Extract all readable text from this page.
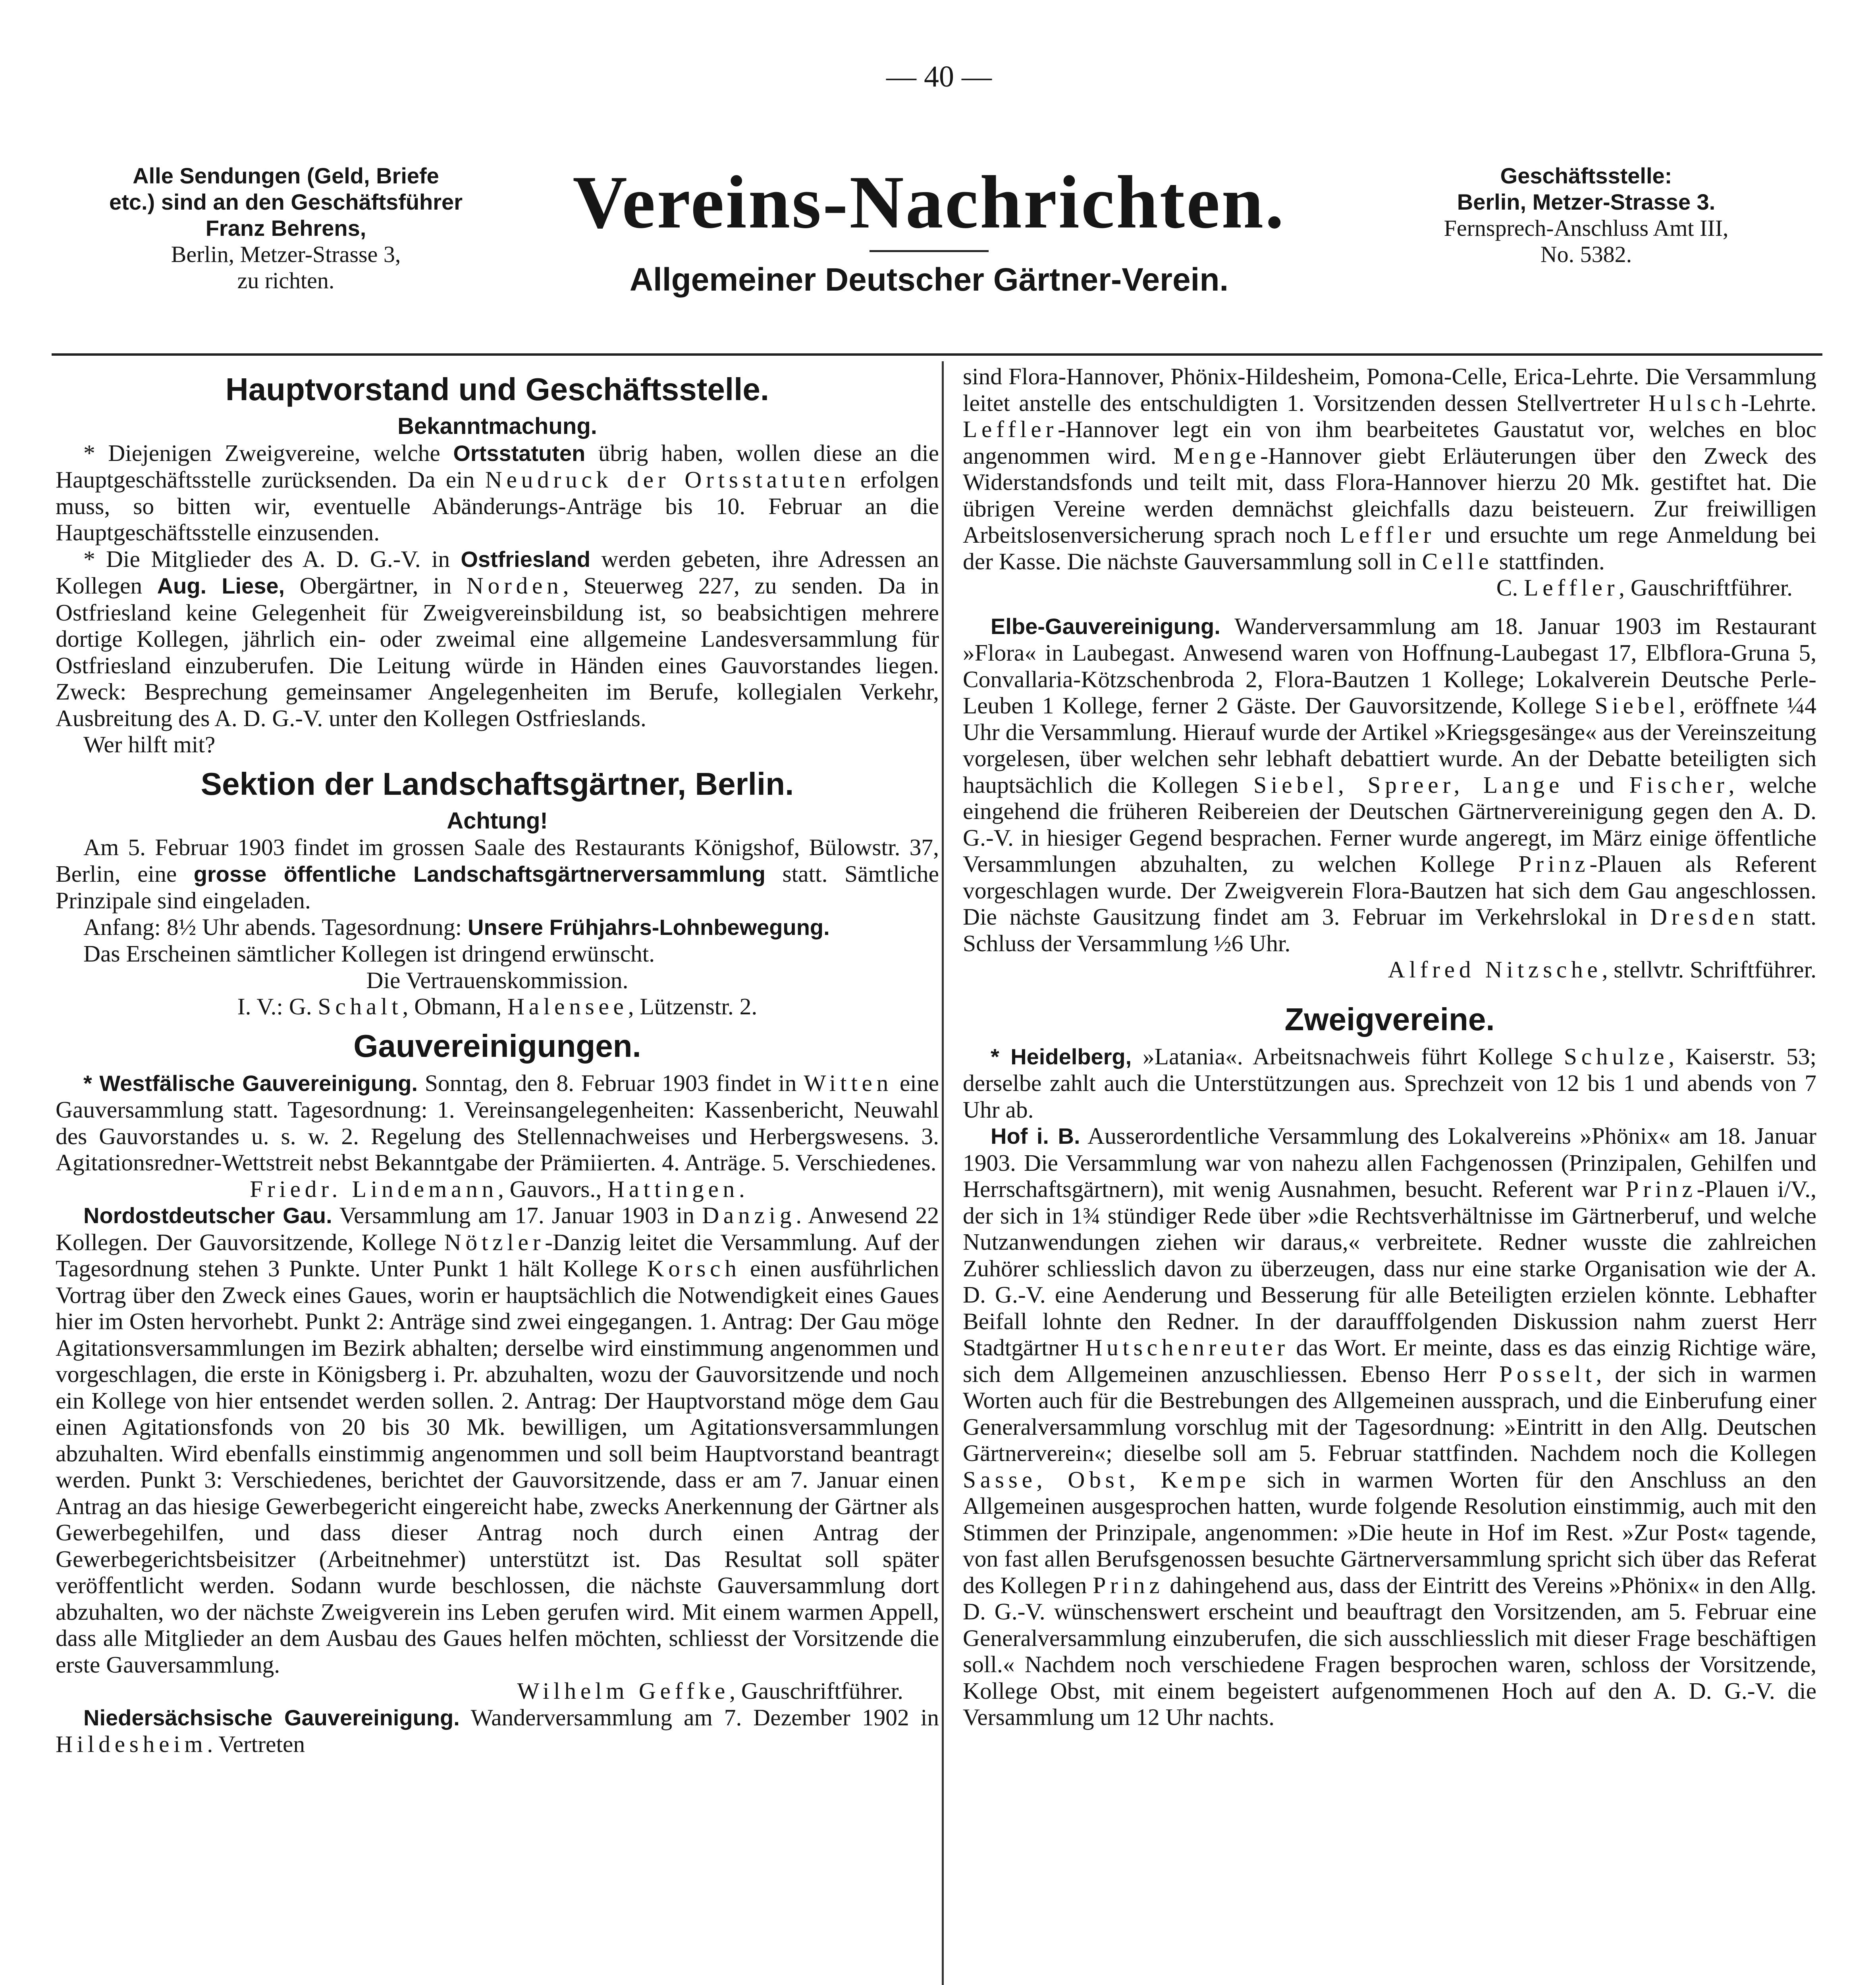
— 40 —
Alle Sendungen (Geld, Briefe
etc.) sind an den Geschäftsführer
Franz Behrens,
Berlin, Metzer-Strasse 3,
zu richten.
Vereins-Nachrichten.
Allgemeiner Deutscher Gärtner-Verein.
Geschäftsstelle:
Berlin, Metzer-Strasse 3.
Fernsprech-Anschluss Amt III,
No. 5382.
Hauptvorstand und Geschäftsstelle.
Bekanntmachung.

* Diejenigen Zweigvereine, welche Ortsstatuten übrig haben, wollen diese an die Hauptgeschäftsstelle zurücksenden. Da ein Neudruck der Ortsstatuten erfolgen muss, so bitten wir, eventuelle Abänderungs-Anträge bis 10. Februar an die Hauptgeschäftsstelle einzusenden.

* Die Mitglieder des A. D. G.-V. in Ostfriesland werden gebeten, ihre Adressen an Kollegen Aug. Liese, Obergärtner, in Norden, Steuerweg 227, zu senden. Da in Ostfriesland keine Gelegenheit für Zweigvereinsbildung ist, so beabsichtigen mehrere dortige Kollegen, jährlich ein- oder zweimal eine allgemeine Landesversammlung für Ostfriesland einzuberufen. Die Leitung würde in Händen eines Gauvorstandes liegen. Zweck: Besprechung gemeinsamer Angelegenheiten im Berufe, kollegialen Verkehr, Ausbreitung des A. D. G.-V. unter den Kollegen Ostfrieslands.

Wer hilft mit?

Sektion der Landschaftsgärtner, Berlin.
Achtung!

Am 5. Februar 1903 findet im grossen Saale des Restaurants Königshof, Bülowstr. 37, Berlin, eine grosse öffentliche Landschaftsgärtnerversammlung statt. Sämtliche Prinzipale sind eingeladen.

Anfang: 8½ Uhr abends. Tagesordnung: Unsere Frühjahrs-Lohnbewegung.

Das Erscheinen sämtlicher Kollegen ist dringend erwünscht.

Die Vertrauenskommission.

I. V.: G. Schalt, Obmann, Halensee, Lützenstr. 2.

Gauvereinigungen.

* Westfälische Gauvereinigung. Sonntag, den 8. Februar 1903 findet in Witten eine Gauversammlung statt. Tagesordnung: 1. Vereinsangelegenheiten: Kassenbericht, Neuwahl des Gauvorstandes u. s. w. 2. Regelung des Stellennachweises und Herbergswesens. 3. Agitationsredner-Wettstreit nebst Bekanntgabe der Prämiierten. 4. Anträge. 5. Verschiedenes.

Friedr. Lindemann, Gauvors., Hattingen.

Nordostdeutscher Gau. Versammlung am 17. Januar 1903 in Danzig. Anwesend 22 Kollegen. Der Gauvorsitzende, Kollege Nötzler-Danzig leitet die Versammlung. Auf der Tagesordnung stehen 3 Punkte. Unter Punkt 1 hält Kollege Korsch einen ausführlichen Vortrag über den Zweck eines Gaues, worin er hauptsächlich die Notwendigkeit eines Gaues hier im Osten hervorhebt. Punkt 2: Anträge sind zwei eingegangen. 1. Antrag: Der Gau möge Agitationsversammlungen im Bezirk abhalten; derselbe wird einstimmung angenommen und vorgeschlagen, die erste in Königsberg i. Pr. abzuhalten, wozu der Gauvorsitzende und noch ein Kollege von hier entsendet werden sollen. 2. Antrag: Der Hauptvorstand möge dem Gau einen Agitationsfonds von 20 bis 30 Mk. bewilligen, um Agitationsversammlungen abzuhalten. Wird ebenfalls einstimmig angenommen und soll beim Hauptvorstand beantragt werden. Punkt 3: Verschiedenes, berichtet der Gauvorsitzende, dass er am 7. Januar einen Antrag an das hiesige Gewerbegericht eingereicht habe, zwecks Anerkennung der Gärtner als Gewerbegehilfen, und dass dieser Antrag noch durch einen Antrag der Gewerbegerichtsbeisitzer (Arbeitnehmer) unterstützt ist. Das Resultat soll später veröffentlicht werden. Sodann wurde beschlossen, die nächste Gauversammlung dort abzuhalten, wo der nächste Zweigverein ins Leben gerufen wird. Mit einem warmen Appell, dass alle Mitglieder an dem Ausbau des Gaues helfen möchten, schliesst der Vorsitzende die erste Gauversammlung.

Wilhelm Geffke, Gauschriftführer.

Niedersächsische Gauvereinigung. Wanderversammlung am 7. Dezember 1902 in Hildesheim. Vertreten

sind Flora-Hannover, Phönix-Hildesheim, Pomona-Celle, Erica-Lehrte. Die Versammlung leitet anstelle des entschuldigten 1. Vorsitzenden dessen Stellvertreter Hulsch-Lehrte. Leffler-Hannover legt ein von ihm bearbeitetes Gaustatut vor, welches en bloc angenommen wird. Menge-Hannover giebt Erläuterungen über den Zweck des Widerstandsfonds und teilt mit, dass Flora-Hannover hierzu 20 Mk. gestiftet hat. Die übrigen Vereine werden demnächst gleichfalls dazu beisteuern. Zur freiwilligen Arbeitslosenversicherung sprach noch Leffler und ersuchte um rege Anmeldung bei der Kasse. Die nächste Gauversammlung soll in Celle stattfinden.

C. Leffler, Gauschriftführer.

Elbe-Gauvereinigung. Wanderversammlung am 18. Januar 1903 im Restaurant »Flora« in Laubegast. Anwesend waren von Hoffnung-Laubegast 17, Elbflora-Gruna 5, Convallaria-Kötzschenbroda 2, Flora-Bautzen 1 Kollege; Lokalverein Deutsche Perle-Leuben 1 Kollege, ferner 2 Gäste. Der Gauvorsitzende, Kollege Siebel, eröffnete ¼4 Uhr die Versammlung. Hierauf wurde der Artikel »Kriegsgesänge« aus der Vereinszeitung vorgelesen, über welchen sehr lebhaft debattiert wurde. An der Debatte beteiligten sich hauptsächlich die Kollegen Siebel, Spreer, Lange und Fischer, welche eingehend die früheren Reibereien der Deutschen Gärtnervereinigung gegen den A. D. G.-V. in hiesiger Gegend besprachen. Ferner wurde angeregt, im März einige öffentliche Versammlungen abzuhalten, zu welchen Kollege Prinz-Plauen als Referent vorgeschlagen wurde. Der Zweigverein Flora-Bautzen hat sich dem Gau angeschlossen. Die nächste Gausitzung findet am 3. Februar im Verkehrslokal in Dresden statt. Schluss der Versammlung ½6 Uhr.

Alfred Nitzsche, stellvtr. Schriftführer.

Zweigvereine.

* Heidelberg, »Latania«. Arbeitsnachweis führt Kollege Schulze, Kaiserstr. 53; derselbe zahlt auch die Unterstützungen aus. Sprechzeit von 12 bis 1 und abends von 7 Uhr ab.

Hof i. B. Ausserordentliche Versammlung des Lokalvereins »Phönix« am 18. Januar 1903. Die Versammlung war von nahezu allen Fachgenossen (Prinzipalen, Gehilfen und Herrschaftsgärtnern), mit wenig Ausnahmen, besucht. Referent war Prinz-Plauen i/V., der sich in 1¾ stündiger Rede über »die Rechtsverhältnisse im Gärtnerberuf, und welche Nutzanwendungen ziehen wir daraus,« verbreitete. Redner wusste die zahlreichen Zuhörer schliesslich davon zu überzeugen, dass nur eine starke Organisation wie der A. D. G.-V. eine Aenderung und Besserung für alle Beteiligten erzielen könnte. Lebhafter Beifall lohnte den Redner. In der daraufffolgenden Diskussion nahm zuerst Herr Stadtgärtner Hutschenreuter das Wort. Er meinte, dass es das einzig Richtige wäre, sich dem Allgemeinen anzuschliessen. Ebenso Herr Posselt, der sich in warmen Worten auch für die Bestrebungen des Allgemeinen aussprach, und die Einberufung einer Generalversammlung vorschlug mit der Tagesordnung: »Eintritt in den Allg. Deutschen Gärtnerverein«; dieselbe soll am 5. Februar stattfinden. Nachdem noch die Kollegen Sasse, Obst, Kempe sich in warmen Worten für den Anschluss an den Allgemeinen ausgesprochen hatten, wurde folgende Resolution einstimmig, auch mit den Stimmen der Prinzipale, angenommen: »Die heute in Hof im Rest. »Zur Post« tagende, von fast allen Berufsgenossen besuchte Gärtnerversammlung spricht sich über das Referat des Kollegen Prinz dahingehend aus, dass der Eintritt des Vereins »Phönix« in den Allg. D. G.-V. wünschenswert erscheint und beauftragt den Vorsitzenden, am 5. Februar eine Generalversammlung einzuberufen, die sich ausschliesslich mit dieser Frage beschäftigen soll.« Nachdem noch verschiedene Fragen besprochen waren, schloss der Vorsitzende, Kollege Obst, mit einem begeistert aufgenommenen Hoch auf den A. D. G.-V. die Versammlung um 12 Uhr nachts.
